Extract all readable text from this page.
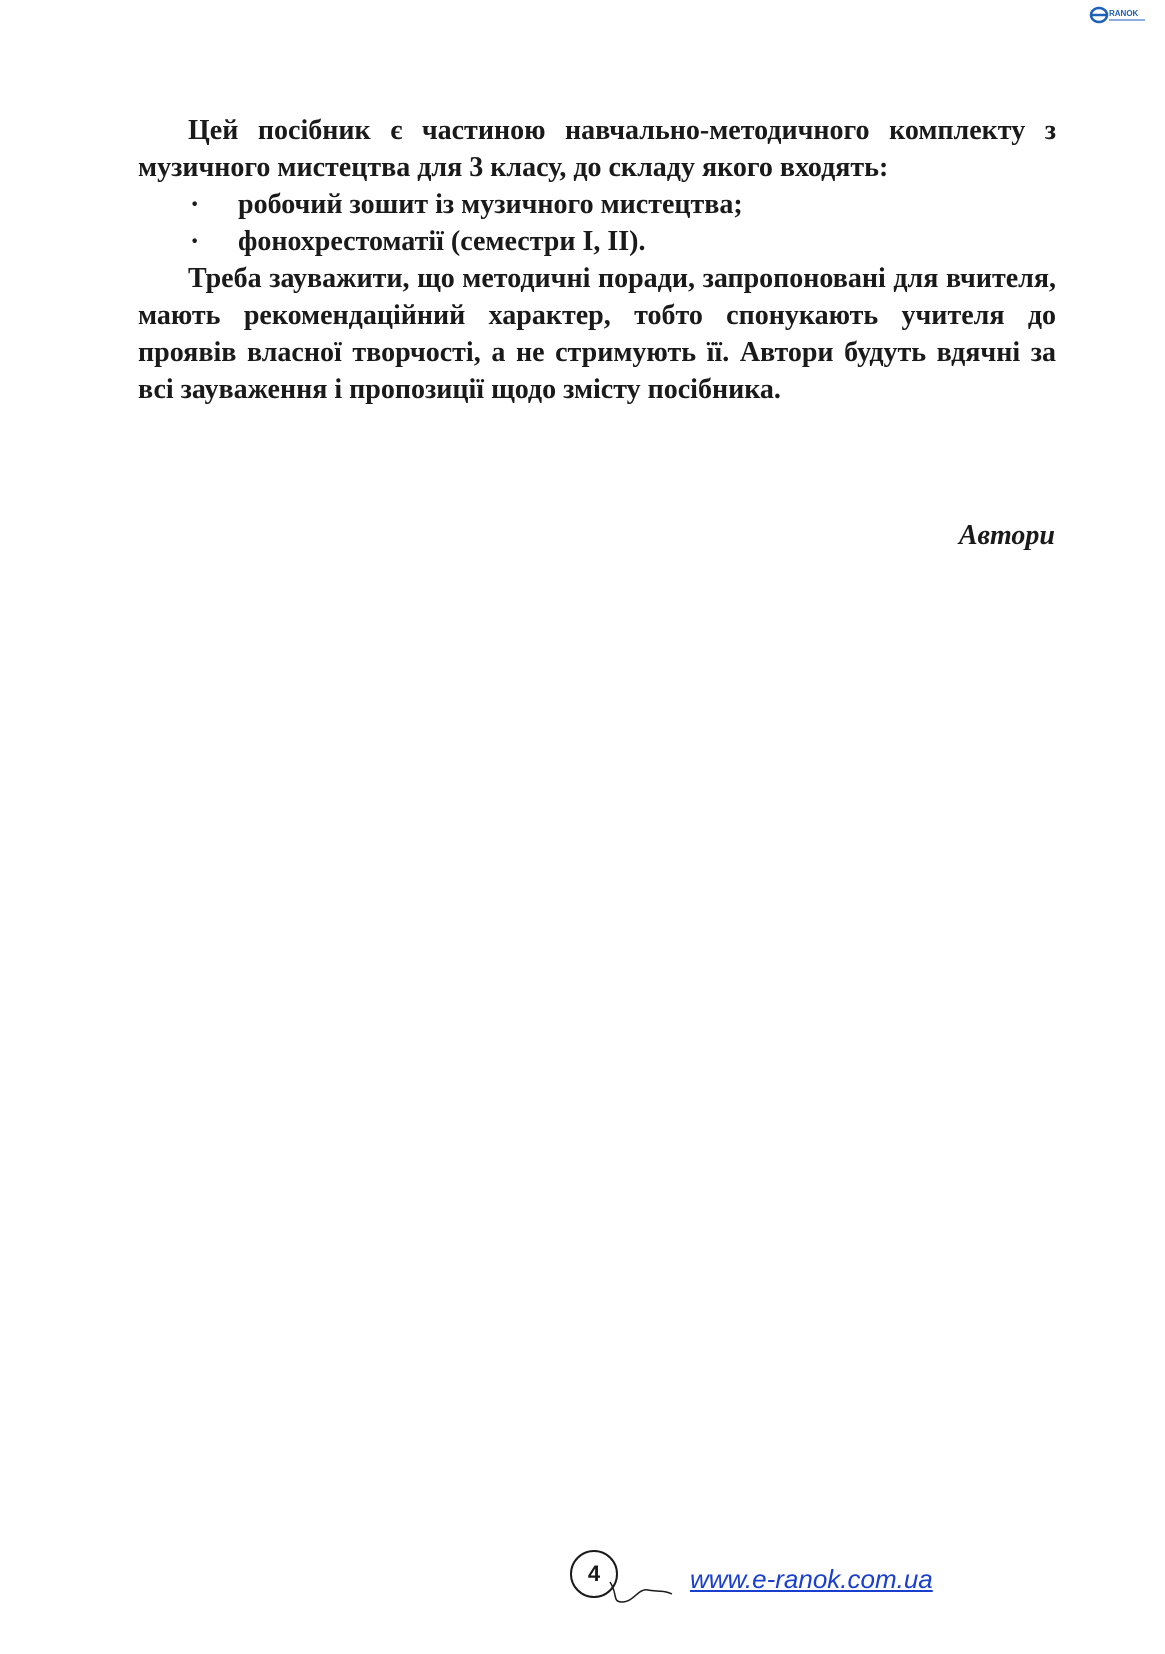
RANOK

Цей посібник є частиною навчально-методичного комплекту з музичного мистецтва для 3 класу, до складу якого входять:

· робочий зошит із музичного мистецтва;
· фонохрестоматії (семестри І, ІІ).

Треба зауважити, що методичні поради, запропоновані для вчителя, мають рекомендаційний характер, тобто спонукають учителя до проявів власної творчості, а не стримують її. Автори будуть вдячні за всі зауваження і пропозиції щодо змісту посібника.

Автори
4	www.e-ranok.com.ua
